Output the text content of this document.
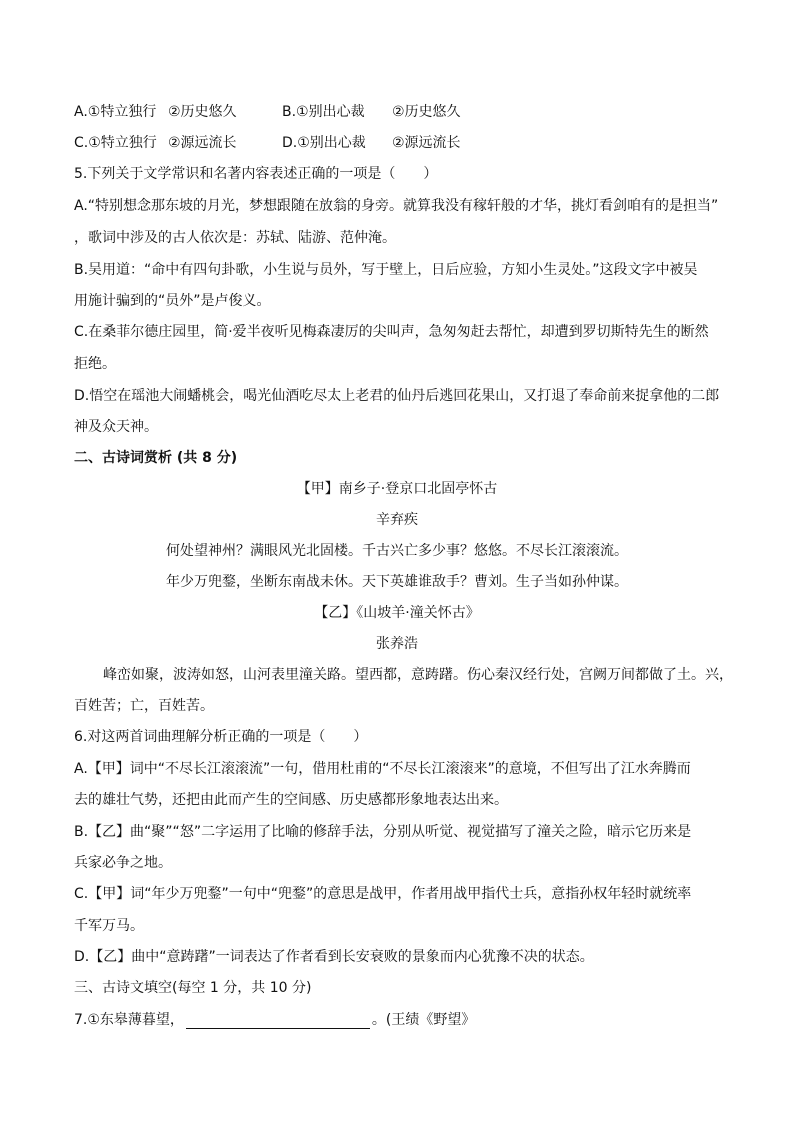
A.①特立独行 ②历史悠久	B.①别出心裁 ②历史悠久
C.①特立独行 ②源远流长	D.①别出心裁 ②源远流长

5.下列关于文学常识和名著内容表述正确的一项是（　　）

A.“特别想念那东坡的月光，梦想跟随在放翁的身旁。就算我没有稼轩般的才华，挑灯看剑咱有的是担当”

，歌词中涉及的古人依次是：苏轼、陆游、范仲淹。

B.吴用道：“命中有四句卦歌，小生说与员外，写于壁上，日后应验，方知小生灵处。”这段文字中被吴

用施计骗到的“员外”是卢俊义。

C.在桑菲尔德庄园里，简·爱半夜听见梅森凄厉的尖叫声，急匆匆赶去帮忙，却遭到罗切斯特先生的断然

拒绝。

D.悟空在瑶池大闹蟠桃会，喝光仙酒吃尽太上老君的仙丹后逃回花果山，又打退了奉命前来捉拿他的二郎

神及众天神。

二、古诗词赏析 (共 8 分)

【甲】南乡子·登京口北固亭怀古

辛弃疾

何处望神州？满眼风光北固楼。千古兴亡多少事？悠悠。不尽长江滚滚流。

年少万兜鍪，坐断东南战未休。天下英雄谁敌手？曹刘。生子当如孙仲谋。

【乙】《山坡羊·潼关怀古》

张养浩

峰峦如聚，波涛如怒，山河表里潼关路。望西都，意踌躇。伤心秦汉经行处，宫阙万间都做了土。兴，

百姓苦；亡，百姓苦。

6.对这两首词曲理解分析正确的一项是（　　）

A.【甲】词中“不尽长江滚滚流”一句，借用杜甫的“不尽长江滚滚来”的意境，不但写出了江水奔腾而

去的雄壮气势，还把由此而产生的空间感、历史感都形象地表达出来。

B.【乙】曲“聚”“怒”二字运用了比喻的修辞手法，分别从听觉、视觉描写了潼关之险，暗示它历来是

兵家必争之地。

C.【甲】词“年少万兜鍪”一句中“兜鍪”的意思是战甲，作者用战甲指代士兵，意指孙权年轻时就统率

千军万马。

D.【乙】曲中“意踌躇”一词表达了作者看到长安衰败的景象而内心犹豫不决的状态。

三、古诗文填空(每空 1 分，共 10 分)

7.①东皋薄暮望，	。(王绩《野望》
